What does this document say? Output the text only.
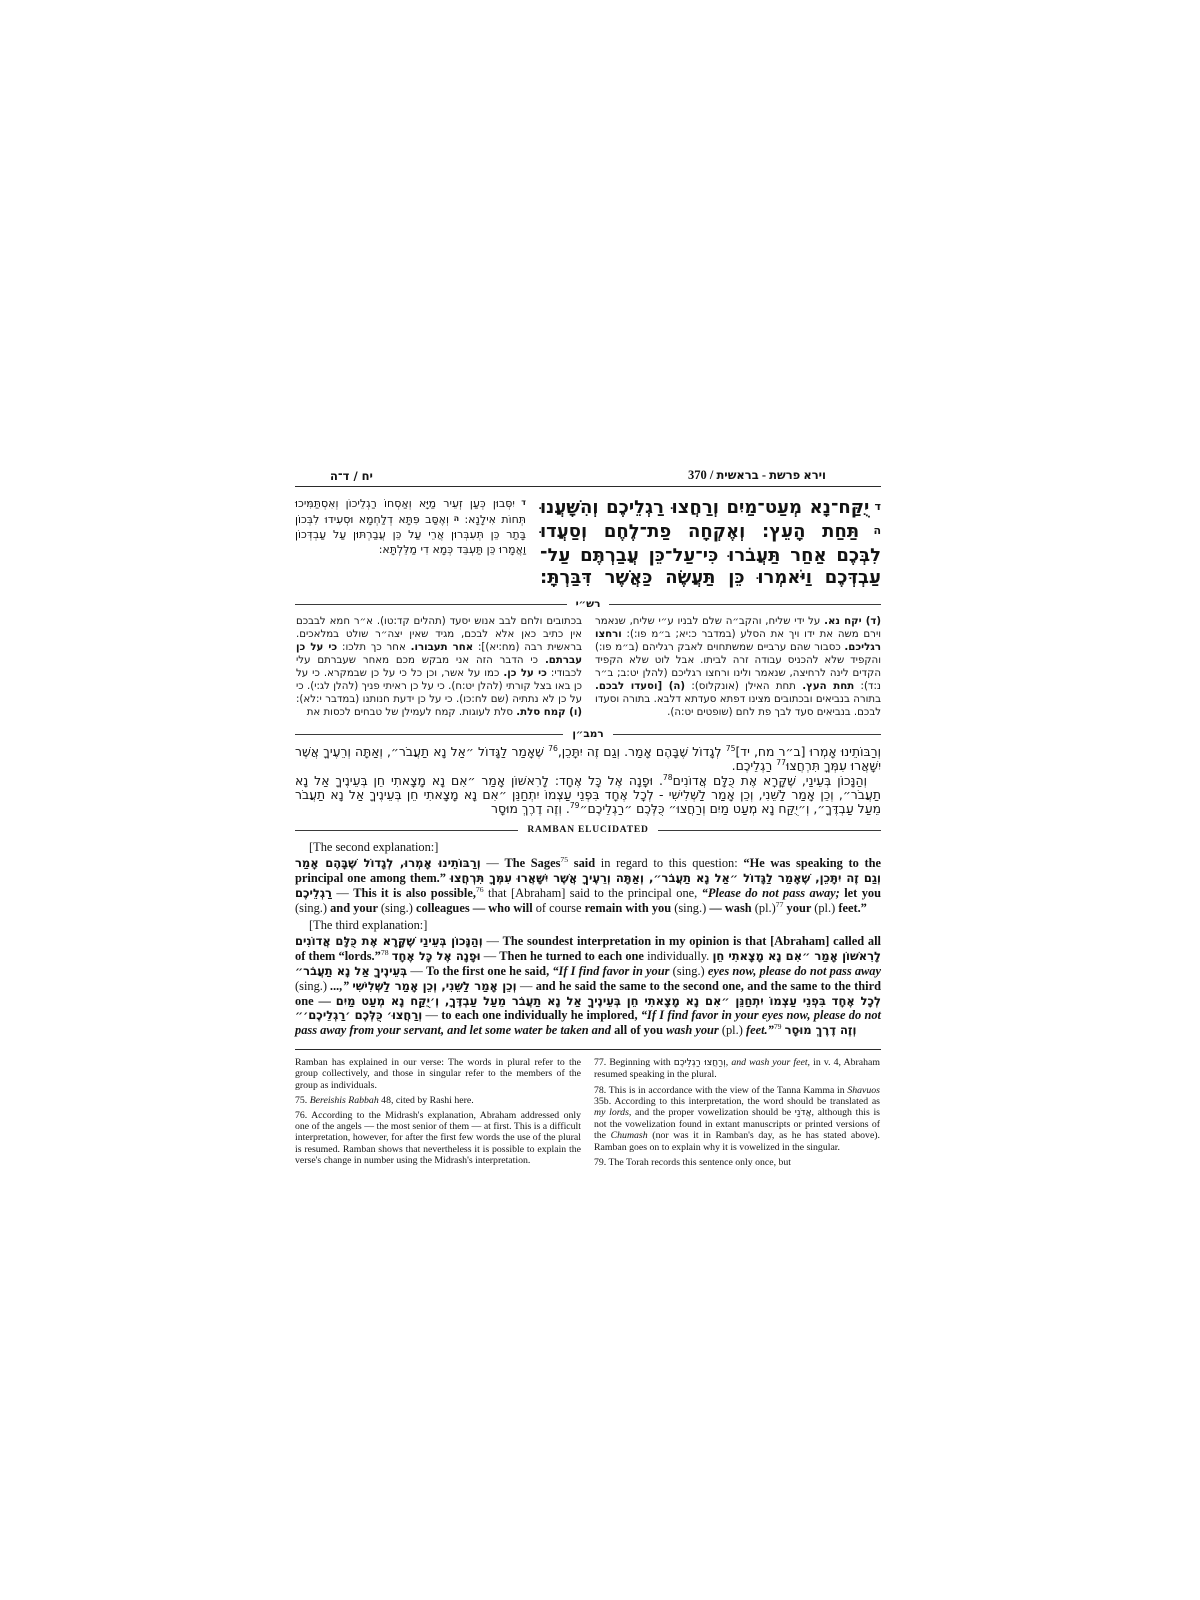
יח / ד־ה	370 / בראשית - פרשת וירא
ד יֻקַּח־נָא מְעַט־מַיִם וְרַחֲצוּ רַגְלֵיכֶם וְהִשָּׁעֲנוּ
ה תַּחַת הָעֵץ: וְאֶקְחָה פַת־לֶחֶם וְסַעֲדוּ
לִבְּכֶם אַחַר תַּעֲבֹרוּ כִּי־עַל־כֵּן עֲבַרְתֶּם עַל־
עַבְדְּכֶם וַיֹּאמְרוּ כֵּן תַּעֲשֶׂה כַּאֲשֶׁר דִּבַּרְתָּ:
ד יִסְּבוּן כְּעַן זְעֵיר מַיָּא וְאַסְחוֹ רַגְלֵיכוֹן וְאִסְתַּמִּיכוּ תְּחוֹת אִילָנָא: ה וְאֶסַּב פִּתָּא דְלַחְמָא וּסְעִידוּ לִבְּכוֹן בָּתַר כֵּן תְּעִבְּרוּן אֲרֵי עַל כֵּן עֲבַרְתּוּן עַל עַבְדְּכוֹן וַאֲמָרוּ כֵּן תַּעְבֵּד כְּמָא דִי מַלֵּלְתָּא:
רש״י
(ד) יקח נא. על ידי שליח, והקב״ה שלם לבניו ע״י שליח, שנאמר וירם משה את ידו ויך את הסלע (במדבר כ:יא; ב״מ פו:): ורחצו רגליכם. כסבור שהם ערביים שמשתחוים לאבק רגליהם (ב״מ פו:) והקפיד שלא להכניס עבודה זרה לביתו. אבל לוט שלא הקפיד הקדים לינה לרחיצה, שנאמר ולינו ורחצו רגליכם (להלן יט:ב; ב״ר נ:ד): תחת העץ. תחת האילן (אונקלוס): (ה) [וסעדו לבכם. בתורה בנביאים ובכתובים מצינו דפתא סעדתא דלבא. בתורה וסעדו לבכם. בנביאים סעד לבך פת לחם (שופטים יט:ה).
בכתובים ולחם לבב אנוש יסעד (תהלים קד:טו). א״ר חמא לבבכם אין כתיב כאן אלא לבכם, מגיד שאין יצה״ר שולט במלאכים. בראשית רבה (מח:יא)]: אחר תעבורו. אחר כך תלכו: כי על כן עברתם. כי הדבר הזה אני מבקש מכם מאחר שעברתם עלי לכבודי: כי על כן. כמו על אשר, וכן כל כי על כן שבמקרא. כי על כן באו בצל קורתי (להלן יט:ח). כי על כן ראיתי פניך (להלן לג:י). כי על כן לא נתתיה (שם לח:כו). כי על כן ידעת חנותנו (במדבר י:לא): (ו) קמח סלת. סלת לעוגות. קמח לעמילן של טבחים לכסות את
רמב״ן

וְרַבּוֹתֵינוּ אָמְרוּ [ב״ר מח, יד]$^{75}$ לְגָדוֹל שֶׁבָּהֶם אָמַר. וְגַם זֶה יִתָּכֵן,$^{76}$ שֶׁאָמַר לַגָּדוֹל ״אַל נָא תַעֲבֹר״, וְאַתָּה וְרֵעֶיךָ אֲשֶׁר יִשָּׁאֲרוּ עִמְּךָ תִּרְחֲצוּ$^{77}$ רַגְלֵיכֶם.

וְהַנָּכוֹן בְּעֵינַי, שֶׁקָּרָא אֶת כֻּלָּם אֲדוֹנִים$^{78}$. וּפָנָה אֶל כָּל אֶחָד: לָרִאשׁוֹן אָמַר ״אִם נָא מָצָאתִי חֵן בְּעֵינֶיךָ אַל נָא תַעֲבֹר״, וְכֵן אָמַר לַשֵּׁנִי, וְכֵן אָמַר לַשְּׁלִישִׁי - לְכָל אֶחָד בִּפְנֵי עַצְמוֹ יִתְחַנֵּן ״אִם נָא מָצָאתִי חֵן בְּעֵינֶיךָ אַל נָא תַעֲבֹר מֵעַל עַבְדֶּךָ״, וְ״יֻקַּח נָא מְעַט מַיִם וְרַחֲצוּ״ כֻּלְּכֶם ״רַגְלֵיכֶם״$^{79}$. וְזֶה דֶרֶךְ מוּסָר

RAMBAN ELUCIDATED
[The second explanation:]

וְרַבּוֹתֵינוּ אָמְרוּ, לְגָדוֹל שֶׁבָּהֶם אָמַר — The Sages$^{75}$ said in regard to this question: “He was speaking to the principal one among them.” וְגַם זֶה יִתָּכֵן, שֶׁאָמַר לַגָּדוֹל ״אַל נָא תַעֲבֹר״, וְאַתָּה וְרֵעֶיךָ אֲשֶׁר יִשָּׁאֲרוּ עִמְּךָ תִּרְחֲצוּ רַגְלֵיכֶם — This it is also possible,$^{76}$ that [Abraham] said to the principal one, “Please do not pass away; let you (sing.) and your (sing.) colleagues — who will of course remain with you (sing.) — wash $(pl.)^{77}$ your (pl.) feet.”

[The third explanation:]

וְהַנָּכוֹן בְּעֵינַי שֶׁקָּרָא אֶת כֻּלָּם אֲדוֹנִים — The soundest interpretation in my opinion is that [Abraham] called all of them “lords.”$^{78}$ וּפָנָה אֶל כָּל אֶחָד — Then he turned to each one individually. לָרִאשׁוֹן אָמַר ״אִם נָא מָצָאתִי חֵן בְּעֵינֶיךָ אַל נָא תַעֲבֹר״ — To the first one he said, “If I find favor in your (sing.) eyes now, please do not pass away (sing.) ...,” וְכֵן אָמַר לַשֵּׁנִי, וְכֵן אָמַר לַשְּׁלִישִׁי — and he said the same to the second one, and the same to the third one — לְכָל אֶחָד בִּפְנֵי עַצְמוֹ יִתְחַנֵּן ״אִם נָא מָצָאתִי חֵן בְּעֵינֶיךָ אַל נָא תַעֲבֹר מֵעַל עַבְדֶּךָ, וְ׳יֻקַּח נָא מְעַט מַיִם וְרַחֲצוּ׳ כֻּלְּכֶם ׳רַגְלֵיכֶם׳״ — to each one individually he implored, “If I find favor in your eyes now, please do not pass away from your servant, and let some water be taken and all of you wash your (pl.) feet.”$^{79}$ וְזֶה דֶרֶךְ מוּסָר

Ramban has explained in our verse: The words in plural refer to the group collectively, and those in singular refer to the members of the group as individuals.

75. Bereishis Rabbah 48, cited by Rashi here.

76. According to the Midrash's explanation, Abraham addressed only one of the angels — the most senior of them — at first. This is a difficult interpretation, however, for after the first few words the use of the plural is resumed. Ramban shows that nevertheless it is possible to explain the verse's change in number using the Midrash's interpretation.

77. Beginning with וְרַחֲצוּ רַגְלֵיכֶם, and wash your feet, in v. 4, Abraham resumed speaking in the plural.

78. This is in accordance with the view of the Tanna Kamma in Shavuos 35b. According to this interpretation, the word should be translated as my lords, and the proper vowelization should be אֲדֹנַי, although this is not the vowelization found in extant manuscripts or printed versions of the Chumash (nor was it in Ramban's day, as he has stated above). Ramban goes on to explain why it is vowelized in the singular.

79. The Torah records this sentence only once, but
